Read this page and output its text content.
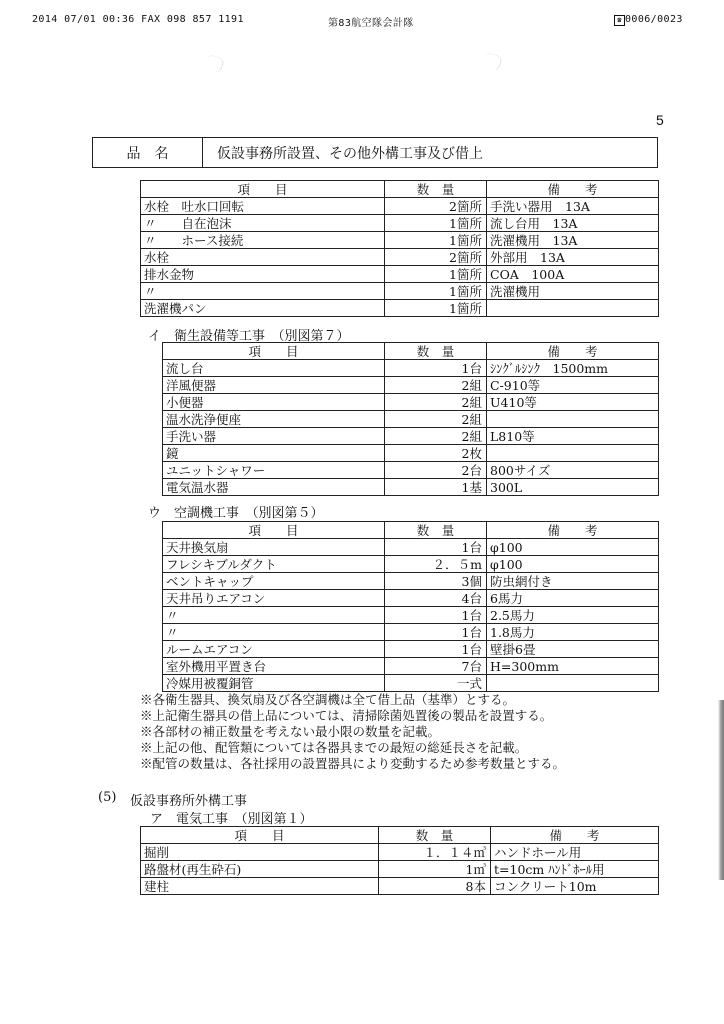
2014 07/01 00:36 FAX 098 857 1191	第83航空隊会計隊	☎ 0006/0023
5
品名	仮設事務所設置、その他外構工事及び借上
項　　目	数　量	備　　考
水栓　吐水口回転	2箇所	手洗い器用　13A
〃　　自在泡沫	1箇所	流し台用　13A
〃　　ホース接続	1箇所	洗濯機用　13A
水栓	2箇所	外部用　13A
排水金物	1箇所	COA　100A
〃	1箇所	洗濯機用
洗濯機パン	1箇所	
イ　衛生設備等工事　（別図第７）
項　　目	数　量	備　　考
流し台	1台	ｼﾝｸﾞﾙｼﾝｸ　1500mm
洋風便器	2組	C-910等
小便器	2組	U410等
温水洗浄便座	2組	
手洗い器	2組	L810等
鏡	2枚	
ユニットシャワー	2台	800サイズ
電気温水器	1基	300L
ウ　空調機工事　（別図第５）
項　　目	数　量	備　　考
天井換気扇	1台	φ100
フレシキブルダクト	２．５m	φ100
ベントキャップ	3個	防虫網付き
天井吊りエアコン	4台	6馬力
〃	1台	2.5馬力
〃	1台	1.8馬力
ルームエアコン	1台	壁掛6畳
室外機用平置き台	7台	H=300mm
冷媒用被覆銅管	一式	
※各衛生器具、換気扇及び各空調機は全て借上品（基準）とする。
※上記衛生器具の借上品については、清掃除菌処置後の製品を設置する。
※各部材の補正数量を考えない最小限の数量を記載。
※上記の他、配管類については各器具までの最短の総延長さを記載。
※配管の数量は、各社採用の設置器具により変動するため参考数量とする。
(5) 仮設事務所外構工事
ア　電気工事　（別図第１）
項　　目	数　量	備　　考
掘削	１．１４㎥	ハンドホール用
路盤材(再生砕石)	1㎥	t=10cm ﾊﾝﾄﾞﾎｰﾙ用
建柱	8本	コンクリート10m
